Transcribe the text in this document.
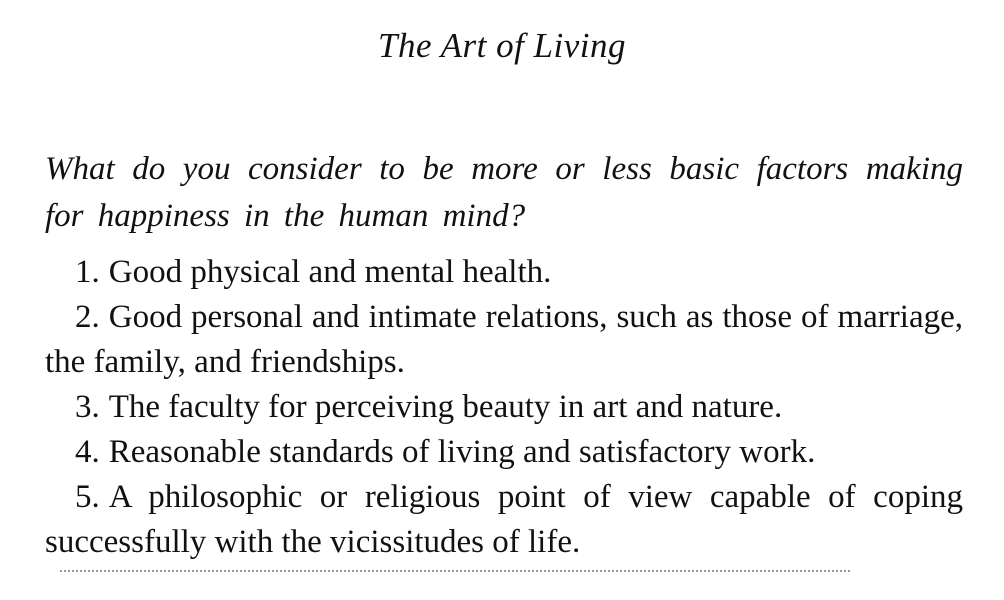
The Art of Living
What do you consider to be more or less basic factors making for happiness in the human mind?

1. Good physical and mental health.

2. Good personal and intimate relations, such as those of marriage, the family, and friendships.

3. The faculty for perceiving beauty in art and nature.

4. Reasonable standards of living and satisfactory work.

5. A philosophic or religious point of view capable of coping successfully with the vicissitudes of life.
